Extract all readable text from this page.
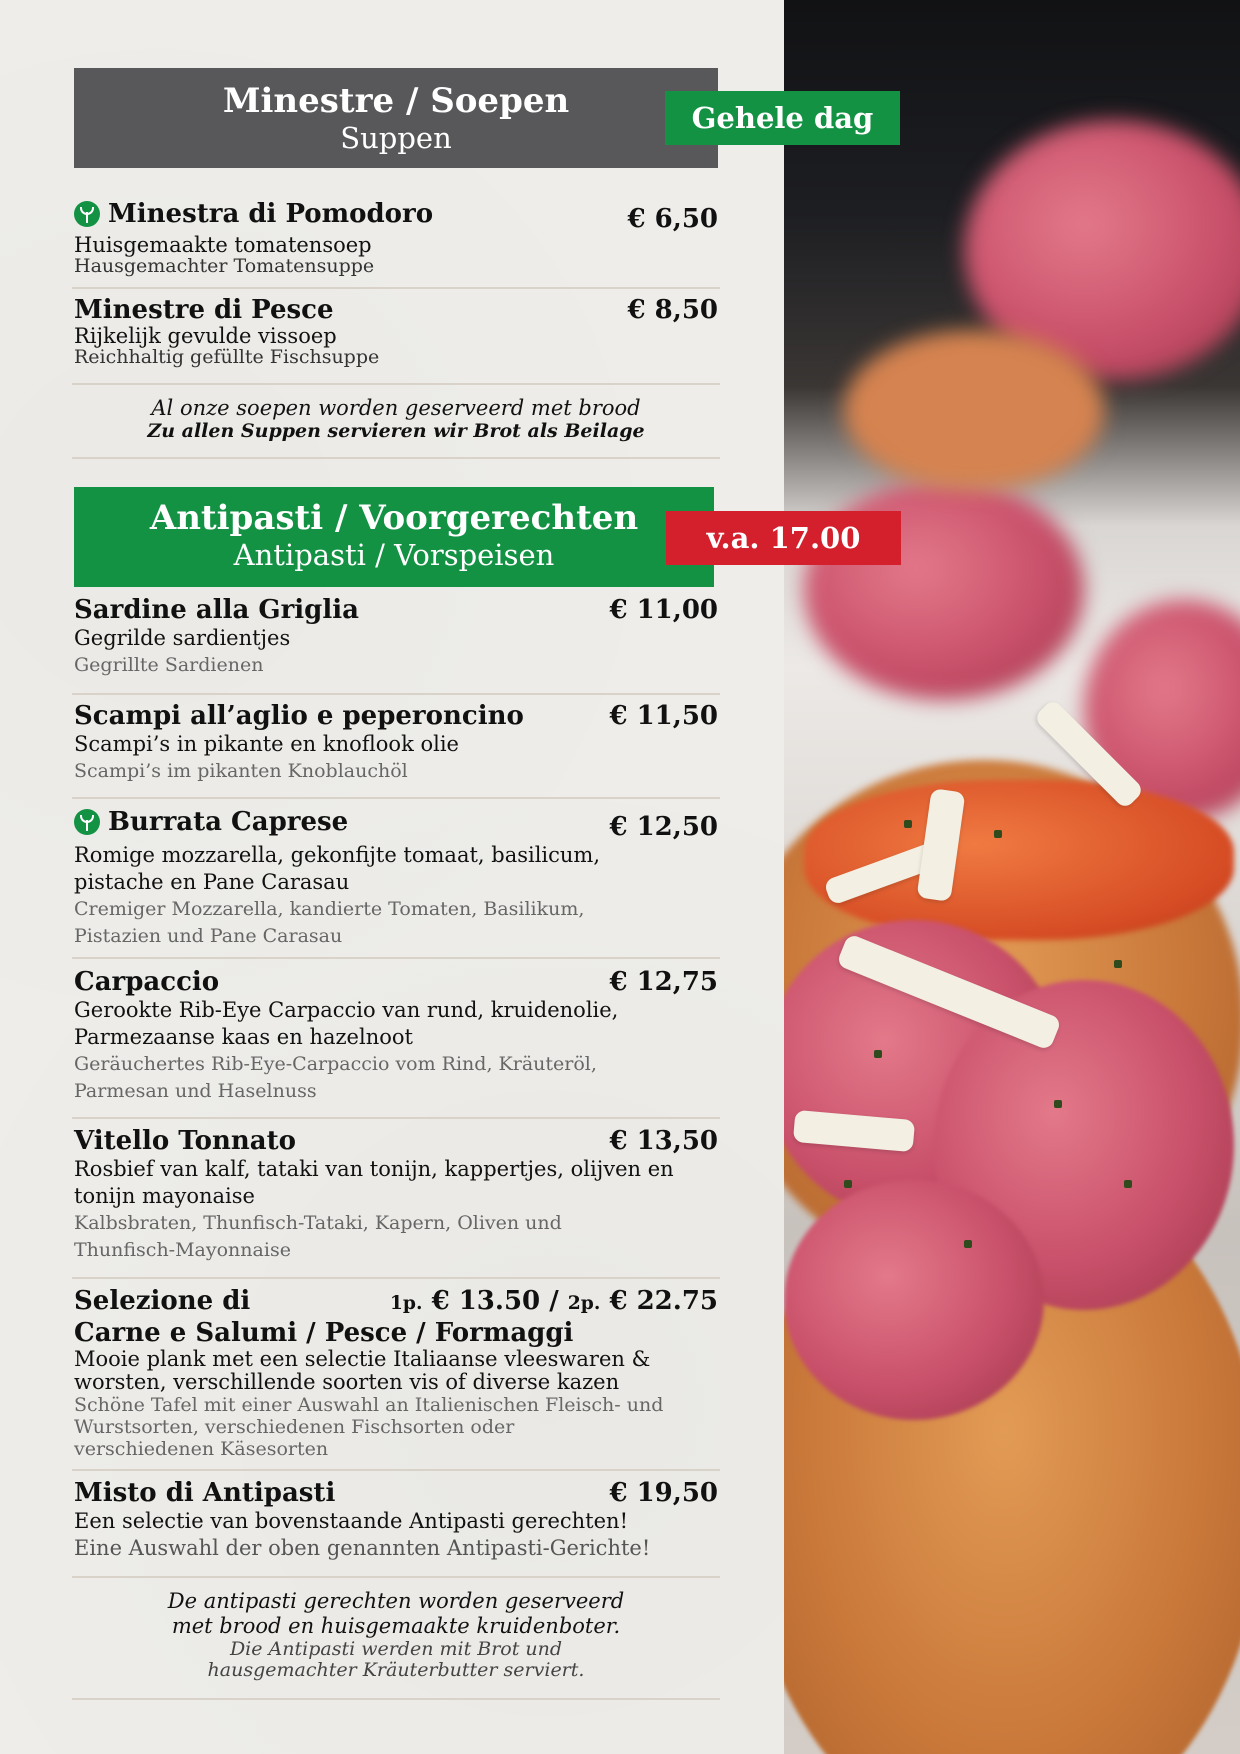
Minestre / Soepen
Suppen
Gehele dag
Minestra di Pomodoro	€ 6,50
Huisgemaakte tomatensoep
Hausgemachter Tomatensuppe
Minestre di Pesce	€ 8,50
Rijkelijk gevulde vissoep
Reichhaltig gefüllte Fischsuppe
Al onze soepen worden geserveerd met brood
Zu allen Suppen servieren wir Brot als Beilage
Antipasti / Voorgerechten
Antipasti / Vorspeisen	v.a. 17.00
Sardine alla Griglia	€ 11,00
Gegrilde sardientjes
Gegrillte Sardienen
Scampi all’aglio e peperoncino	€ 11,50
Scampi’s in pikante en knoflook olie
Scampi’s im pikanten Knoblauchöl
Burrata Caprese	€ 12,50
Romige mozzarella, gekonfijte tomaat, basilicum,
pistache en Pane Carasau
Cremiger Mozzarella, kandierte Tomaten, Basilikum,
Pistazien und Pane Carasau
Carpaccio	€ 12,75
Gerookte Rib-Eye Carpaccio van rund, kruidenolie,
Parmezaanse kaas en hazelnoot
Geräuchertes Rib-Eye-Carpaccio vom Rind, Kräuteröl,
Parmesan und Haselnuss
Vitello Tonnato	€ 13,50
Rosbief van kalf, tataki van tonijn, kappertjes, olijven en
tonijn mayonaise
Kalbsbraten, Thunfisch-Tataki, Kapern, Oliven und
Thunfisch-Mayonnaise
Selezione di	1p. € 13.50 / 2p. € 22.75
Carne e Salumi / Pesce / Formaggi
Mooie plank met een selectie Italiaanse vleeswaren &
worsten, verschillende soorten vis of diverse kazen
Schöne Tafel mit einer Auswahl an Italienischen Fleisch- und
Wurstsorten, verschiedenen Fischsorten oder
verschiedenen Käsesorten
Misto di Antipasti	€ 19,50
Een selectie van bovenstaande Antipasti gerechten!
Eine Auswahl der oben genannten Antipasti-Gerichte!
De antipasti gerechten worden geserveerd
met brood en huisgemaakte kruidenboter.
Die Antipasti werden mit Brot und
hausgemachter Kräuterbutter serviert.
